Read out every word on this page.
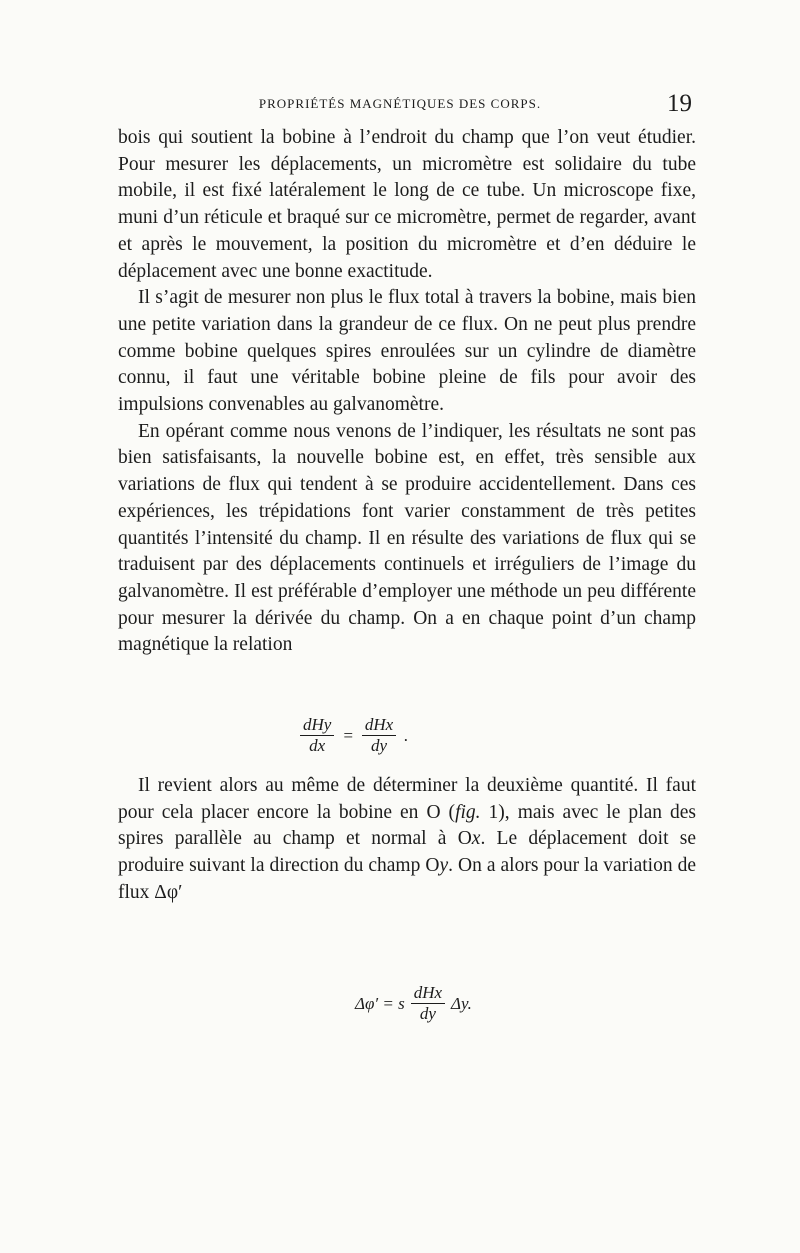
PROPRIÉTÉS MAGNÉTIQUES DES CORPS.	19

bois qui soutient la bobine à l’endroit du champ que l’on veut étudier. Pour mesurer les déplacements, un micromètre est solidaire du tube mobile, il est fixé latéralement le long de ce tube. Un microscope fixe, muni d’un réticule et braqué sur ce micromètre, permet de regarder, avant et après le mouvement, la position du micromètre et d’en déduire le déplacement avec une bonne exactitude.

Il s’agit de mesurer non plus le flux total à travers la bobine, mais bien une petite variation dans la grandeur de ce flux. On ne peut plus prendre comme bobine quelques spires enroulées sur un cylindre de diamètre connu, il faut une véritable bobine pleine de fils pour avoir des impulsions convenables au galvanomètre.

En opérant comme nous venons de l’indiquer, les résultats ne sont pas bien satisfaisants, la nouvelle bobine est, en effet, très sensible aux variations de flux qui tendent à se produire accidentellement. Dans ces expériences, les trépidations font varier constamment de très petites quantités l’intensité du champ. Il en résulte des variations de flux qui se traduisent par des déplacements continuels et irréguliers de l’image du galvanomètre. Il est préférable d’employer une méthode un peu différente pour mesurer la dérivée du champ. On a en chaque point d’un champ magnétique la relation

$\frac{\text{dHy}}{dx} = \frac{\text{dHx}}{dy}$ .

Il revient alors au même de déterminer la deuxième quantité. Il faut pour cela placer encore la bobine en O (fig. 1), mais avec le plan des spires parallèle au champ et normal à Ox. Le déplacement doit se produire suivant la direction du champ Oy. On a alors pour la variation de flux Δφ′

Δφ′ = s $\frac{\text{dHx}}{dy} \Delta y$.
